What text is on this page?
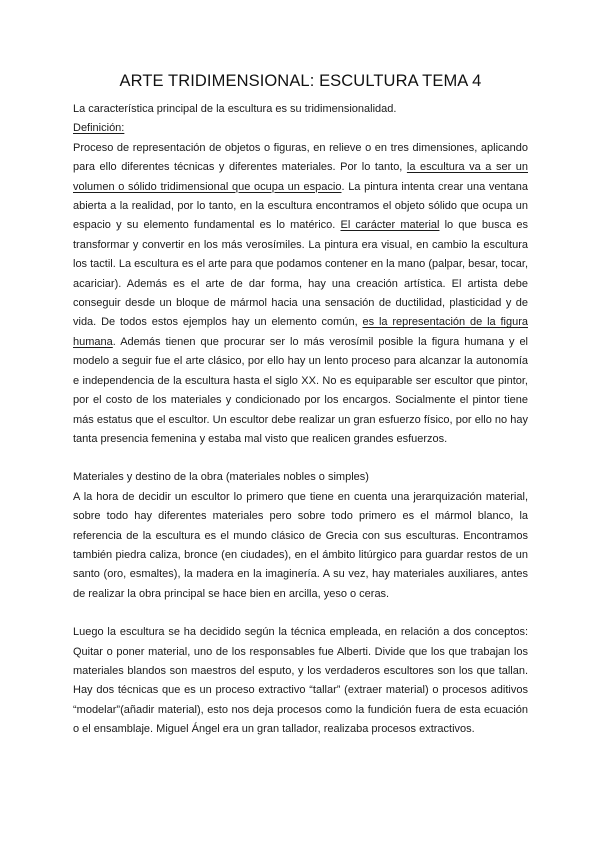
ARTE TRIDIMENSIONAL: ESCULTURA TEMA 4

La característica principal de la escultura es su tridimensionalidad.

Definición:

Proceso de representación de objetos o figuras, en relieve o en tres dimensiones, aplicando para ello diferentes técnicas y diferentes materiales. Por lo tanto, la escultura va a ser un volumen o sólido tridimensional que ocupa un espacio. La pintura intenta crear una ventana abierta a la realidad, por lo tanto, en la escultura encontramos el objeto sólido que ocupa un espacio y su elemento fundamental es lo matérico. El carácter material lo que busca es transformar y convertir en los más verosímiles. La pintura era visual, en cambio la escultura los tactil. La escultura es el arte para que podamos contener en la mano (palpar, besar, tocar, acariciar). Además es el arte de dar forma, hay una creación artística. El artista debe conseguir desde un bloque de mármol hacia una sensación de ductilidad, plasticidad y de vida. De todos estos ejemplos hay un elemento común, es la representación de la figura humana. Además tienen que procurar ser lo más verosímil posible la figura humana y el modelo a seguir fue el arte clásico, por ello hay un lento proceso para alcanzar la autonomía e independencia de la escultura hasta el siglo XX. No es equiparable ser escultor que pintor, por el costo de los materiales y condicionado por los encargos. Socialmente el pintor tiene más estatus que el escultor. Un escultor debe realizar un gran esfuerzo físico, por ello no hay tanta presencia femenina y estaba mal visto que realicen grandes esfuerzos.

Materiales y destino de la obra (materiales nobles o simples)

A la hora de decidir un escultor lo primero que tiene en cuenta una jerarquización material, sobre todo hay diferentes materiales pero sobre todo primero es el mármol blanco, la referencia de la escultura es el mundo clásico de Grecia con sus esculturas. Encontramos también piedra caliza, bronce (en ciudades), en el ámbito litúrgico para guardar restos de un santo (oro, esmaltes), la madera en la imaginería. A su vez, hay materiales auxiliares, antes de realizar la obra principal se hace bien en arcilla, yeso o ceras.

Luego la escultura se ha decidido según la técnica empleada, en relación a dos conceptos: Quitar o poner material, uno de los responsables fue Alberti. Divide que los que trabajan los materiales blandos son maestros del esputo, y los verdaderos escultores son los que tallan. Hay dos técnicas que es un proceso extractivo “tallar” (extraer material) o procesos aditivos “modelar”(añadir material), esto nos deja procesos como la fundición fuera de esta ecuación o el ensamblaje. Miguel Ángel era un gran tallador, realizaba procesos extractivos.
